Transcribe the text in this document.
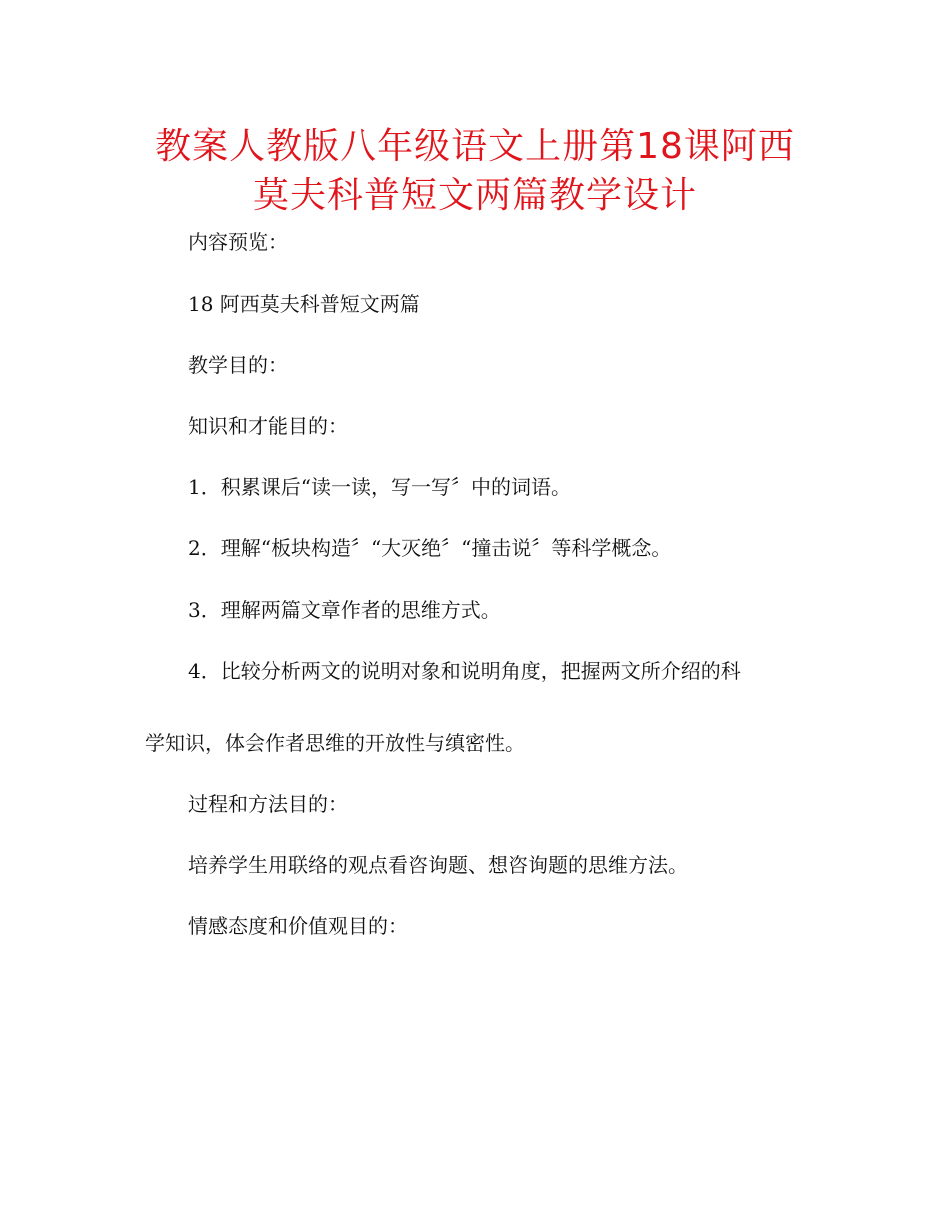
教案人教版八年级语文上册第18课阿西
莫夫科普短文两篇教学设计

内容预览：

18 阿西莫夫科普短文两篇

教学目的：

知识和才能目的：

1．积累课后“读一读，写一写〞中的词语。

2．理解“板块构造〞“大灭绝〞“撞击说〞等科学概念。

3．理解两篇文章作者的思维方式。

4．比较分析两文的说明对象和说明角度，把握两文所介绍的科

学知识，体会作者思维的开放性与缜密性。

过程和方法目的：

培养学生用联络的观点看咨询题、想咨询题的思维方法。

情感态度和价值观目的：
